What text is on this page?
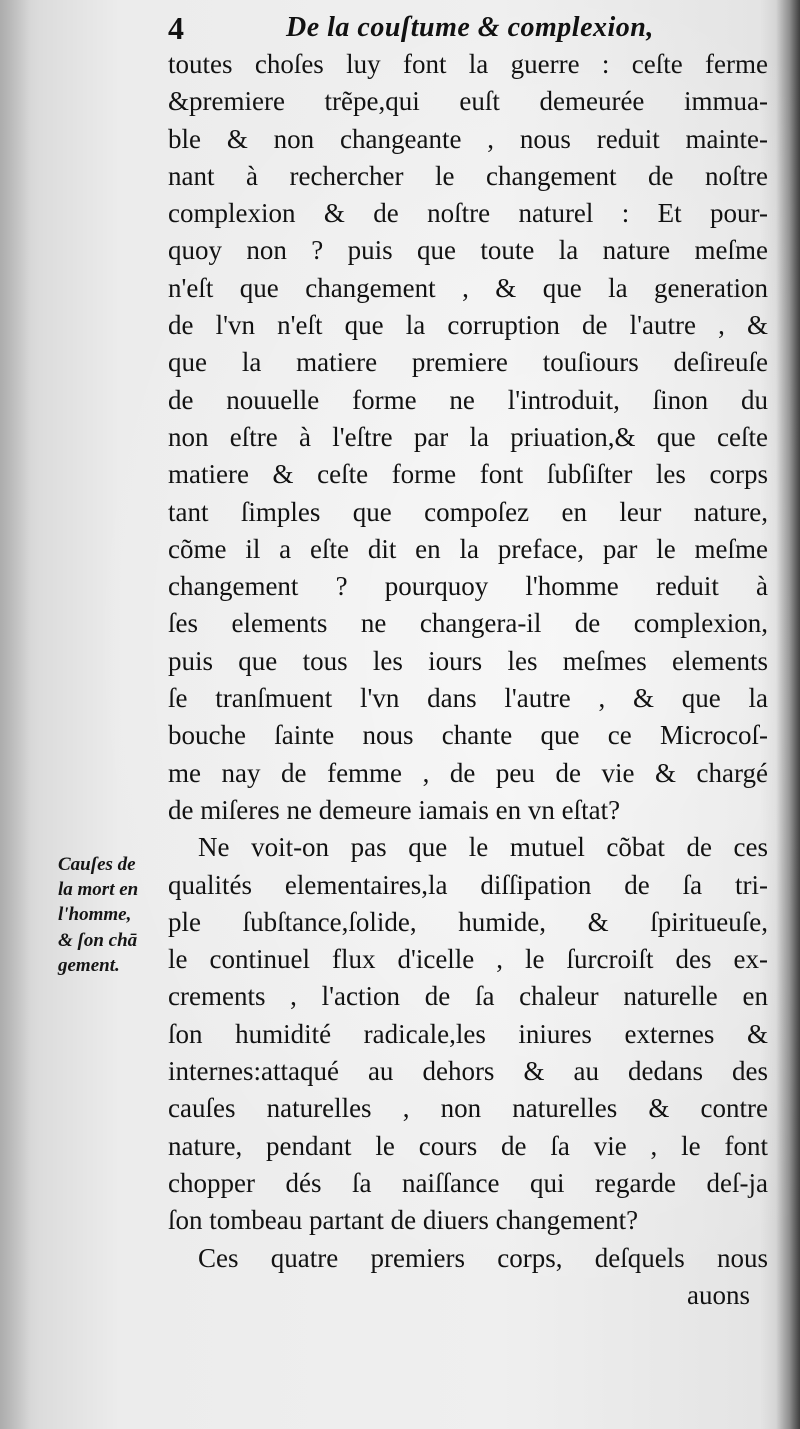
4	De la couſtume & complexion,
Cauſes de
la mort en
l'homme,
& ſon chā
gement.
toutes choſes luy font la guerre : ceſte ferme
&premiere trẽpe,qui euſt demeurée immua-
ble & non changeante , nous reduit mainte-
nant à rechercher le changement de noſtre
complexion & de noſtre naturel : Et pour-
quoy non ? puis que toute la nature meſme
n'eſt que changement , & que la generation
de l'vn n'eſt que la corruption de l'autre , &
que la matiere premiere touſiours deſireuſe
de nouuelle forme ne l'introduit, ſinon du
non eſtre à l'eſtre par la priuation,& que ceſte
matiere & ceſte forme font ſubſiſter les corps
tant ſimples que compoſez en leur nature,
cõme il a eſte dit en la preface, par le meſme
changement ? pourquoy l'homme reduit à
ſes elements ne changera-il de complexion,
puis que tous les iours les meſmes elements
ſe tranſmuent l'vn dans l'autre , & que la
bouche ſainte nous chante que ce Microcoſ-
me nay de femme , de peu de vie & chargé
de miſeres ne demeure iamais en vn eſtat?
Ne voit-on pas que le mutuel cõbat de ces
qualités elementaires,la diſſipation de ſa tri-
ple ſubſtance,ſolide, humide, & ſpiritueuſe,
le continuel flux d'icelle , le ſurcroiſt des ex-
crements , l'action de ſa chaleur naturelle en
ſon humidité radicale,les iniures externes &
internes:attaqué au dehors & au dedans des
cauſes naturelles , non naturelles & contre
nature, pendant le cours de ſa vie , le font
chopper dés ſa naiſſance qui regarde deſ-ja
ſon tombeau partant de diuers changement?
Ces quatre premiers corps, deſquels nous
auons
